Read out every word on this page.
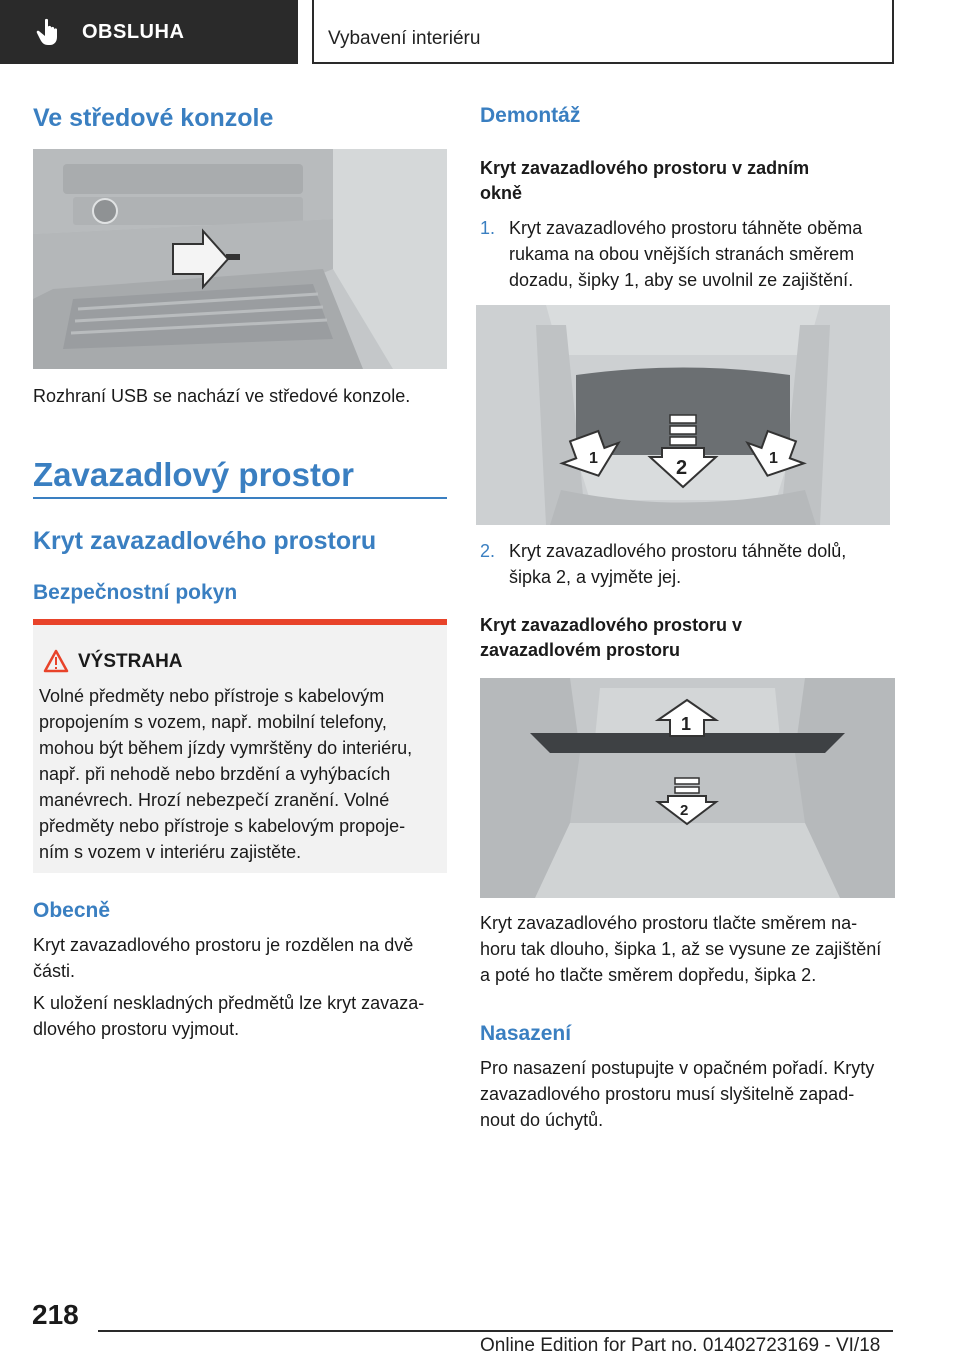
OBSLUHA	Vybavení interiéru
Ve středové konzole
Rozhraní USB se nachází ve středové konzole.
Zavazadlový prostor
Kryt zavazadlového prostoru
Bezpečnostní pokyn
VÝSTRAHA
Volné předměty nebo přístroje s kabelovým
propojením s vozem, např. mobilní telefony,
mohou být během jízdy vymrštěny do interiéru,
např. při nehodě nebo brzdění a vyhýbacích
manévrech. Hrozí nebezpečí zranění. Volné
předměty nebo přístroje s kabelovým propoje-
ním s vozem v interiéru zajistěte.
Obecně
Kryt zavazadlového prostoru je rozdělen na dvě
části.
K uložení neskladných předmětů lze kryt zavaza-
dlového prostoru vyjmout.
Demontáž
Kryt zavazadlového prostoru v zadním
okně
1. Kryt zavazadlového prostoru táhněte oběma
rukama na obou vnějších stranách směrem
dozadu, šipky 1, aby se uvolnil ze zajištění.
1	2	1
2. Kryt zavazadlového prostoru táhněte dolů,
šipka 2, a vyjměte jej.
Kryt zavazadlového prostoru v
zavazadlovém prostoru
1
2
Kryt zavazadlového prostoru tlačte směrem na-
horu tak dlouho, šipka 1, až se vysune ze zajištění
a poté ho tlačte směrem dopředu, šipka 2.
Nasazení
Pro nasazení postupujte v opačném pořadí. Kryty
zavazadlového prostoru musí slyšitelně zapad-
nout do úchytů.
218
Online Edition for Part no. 01402723169 - VI/18
